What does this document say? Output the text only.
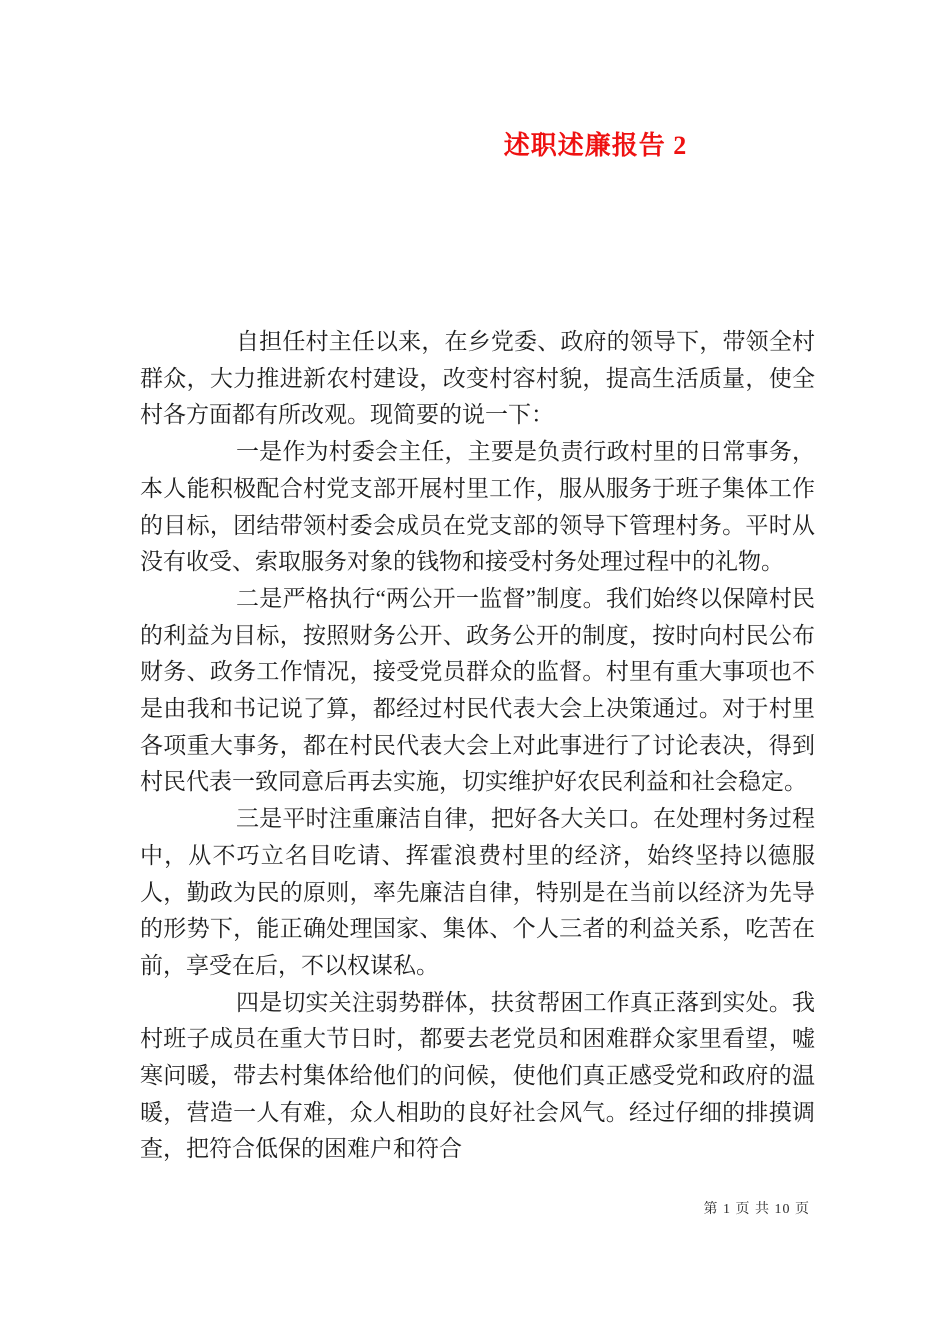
述职述廉报告 2

自担任村主任以来，在乡党委、政府的领导下，带领全村群众，大力推进新农村建设，改变村容村貌，提高生活质量，使全村各方面都有所改观。现简要的说一下：

一是作为村委会主任，主要是负责行政村里的日常事务，本人能积极配合村党支部开展村里工作，服从服务于班子集体工作的目标，团结带领村委会成员在党支部的领导下管理村务。平时从没有收受、索取服务对象的钱物和接受村务处理过程中的礼物。

二是严格执行“两公开一监督”制度。我们始终以保障村民的利益为目标，按照财务公开、政务公开的制度，按时向村民公布财务、政务工作情况，接受党员群众的监督。村里有重大事项也不是由我和书记说了算，都经过村民代表大会上决策通过。对于村里各项重大事务，都在村民代表大会上对此事进行了讨论表决，得到村民代表一致同意后再去实施，切实维护好农民利益和社会稳定。

三是平时注重廉洁自律，把好各大关口。在处理村务过程中，从不巧立名目吃请、挥霍浪费村里的经济，始终坚持以德服人，勤政为民的原则，率先廉洁自律，特别是在当前以经济为先导的形势下，能正确处理国家、集体、个人三者的利益关系，吃苦在前，享受在后，不以权谋私。

四是切实关注弱势群体，扶贫帮困工作真正落到实处。我村班子成员在重大节日时，都要去老党员和困难群众家里看望，嘘寒问暖，带去村集体给他们的问候，使他们真正感受党和政府的温暖，营造一人有难，众人相助的良好社会风气。经过仔细的排摸调查，把符合低保的困难户和符合

第 1 页 共 10 页
